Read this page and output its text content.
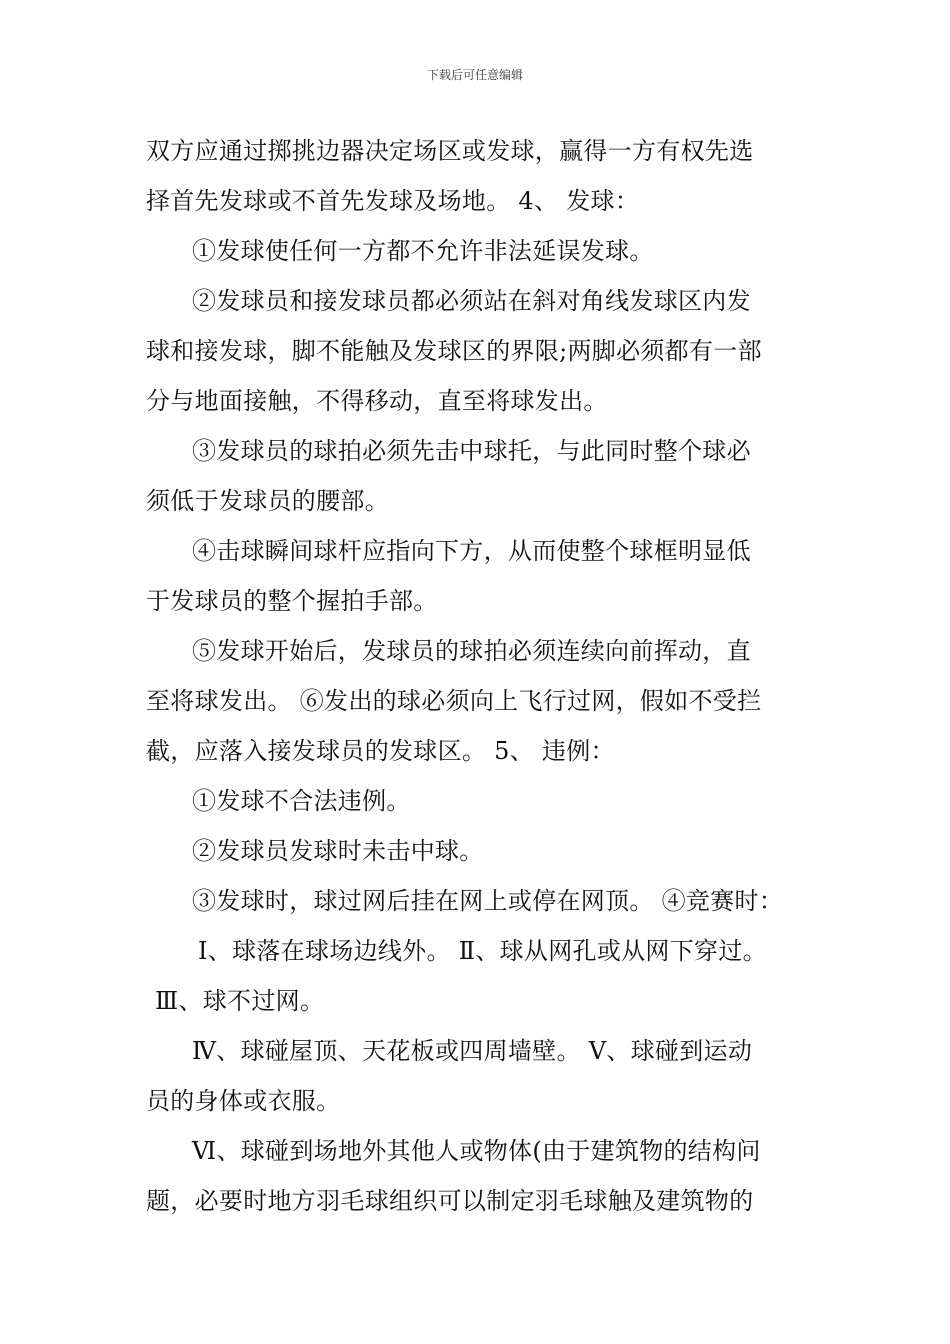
下载后可任意编辑
双方应通过掷挑边器决定场区或发球，赢得一方有权先选
择首先发球或不首先发球及场地。 4、 发球：
①发球使任何一方都不允许非法延误发球。
②发球员和接发球员都必须站在斜对角线发球区内发
球和接发球，脚不能触及发球区的界限;两脚必须都有一部
分与地面接触，不得移动，直至将球发出。
③发球员的球拍必须先击中球托，与此同时整个球必
须低于发球员的腰部。
④击球瞬间球杆应指向下方，从而使整个球框明显低
于发球员的整个握拍手部。
⑤发球开始后，发球员的球拍必须连续向前挥动，直
至将球发出。 ⑥发出的球必须向上飞行过网，假如不受拦
截，应落入接发球员的发球区。 5、 违例：
①发球不合法违例。
②发球员发球时未击中球。
③发球时，球过网后挂在网上或停在网顶。 ④竞赛时：
Ⅰ、球落在球场边线外。 Ⅱ、球从网孔或从网下穿过。
Ⅲ、球不过网。
Ⅳ、球碰屋顶、天花板或四周墙壁。 Ⅴ、球碰到运动
员的身体或衣服。
Ⅵ、球碰到场地外其他人或物体(由于建筑物的结构问
题，必要时地方羽毛球组织可以制定羽毛球触及建筑物的
